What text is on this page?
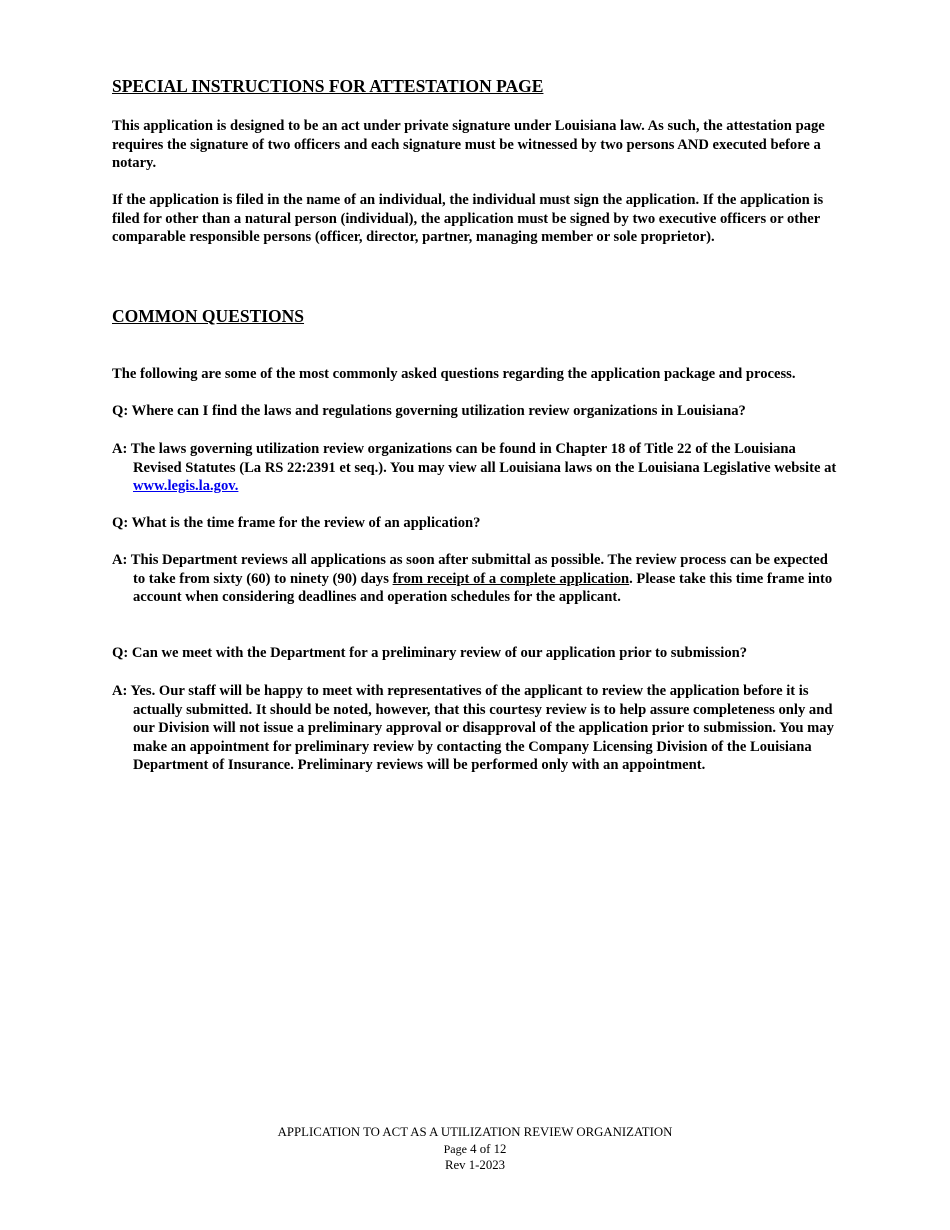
SPECIAL INSTRUCTIONS FOR ATTESTATION PAGE

This application is designed to be an act under private signature under Louisiana law. As such, the attestation page requires the signature of two officers and each signature must be witnessed by two persons AND executed before a notary.

If the application is filed in the name of an individual, the individual must sign the application. If the application is filed for other than a natural person (individual), the application must be signed by two executive officers or other comparable responsible persons (officer, director, partner, managing member or sole proprietor).

COMMON QUESTIONS

The following are some of the most commonly asked questions regarding the application package and process.

Q: Where can I find the laws and regulations governing utilization review organizations in Louisiana?

A: The laws governing utilization review organizations can be found in Chapter 18 of Title 22 of the Louisiana Revised Statutes (La RS 22:2391 et seq.). You may view all Louisiana laws on the Louisiana Legislative website at www.legis.la.gov.

Q: What is the time frame for the review of an application?

A: This Department reviews all applications as soon after submittal as possible. The review process can be expected to take from sixty (60) to ninety (90) days from receipt of a complete application. Please take this time frame into account when considering deadlines and operation schedules for the applicant.

Q: Can we meet with the Department for a preliminary review of our application prior to submission?

A: Yes. Our staff will be happy to meet with representatives of the applicant to review the application before it is actually submitted. It should be noted, however, that this courtesy review is to help assure completeness only and our Division will not issue a preliminary approval or disapproval of the application prior to submission. You may make an appointment for preliminary review by contacting the Company Licensing Division of the Louisiana Department of Insurance. Preliminary reviews will be performed only with an appointment.

APPLICATION TO ACT AS A UTILIZATION REVIEW ORGANIZATION
Page 4 of 12
Rev 1-2023
